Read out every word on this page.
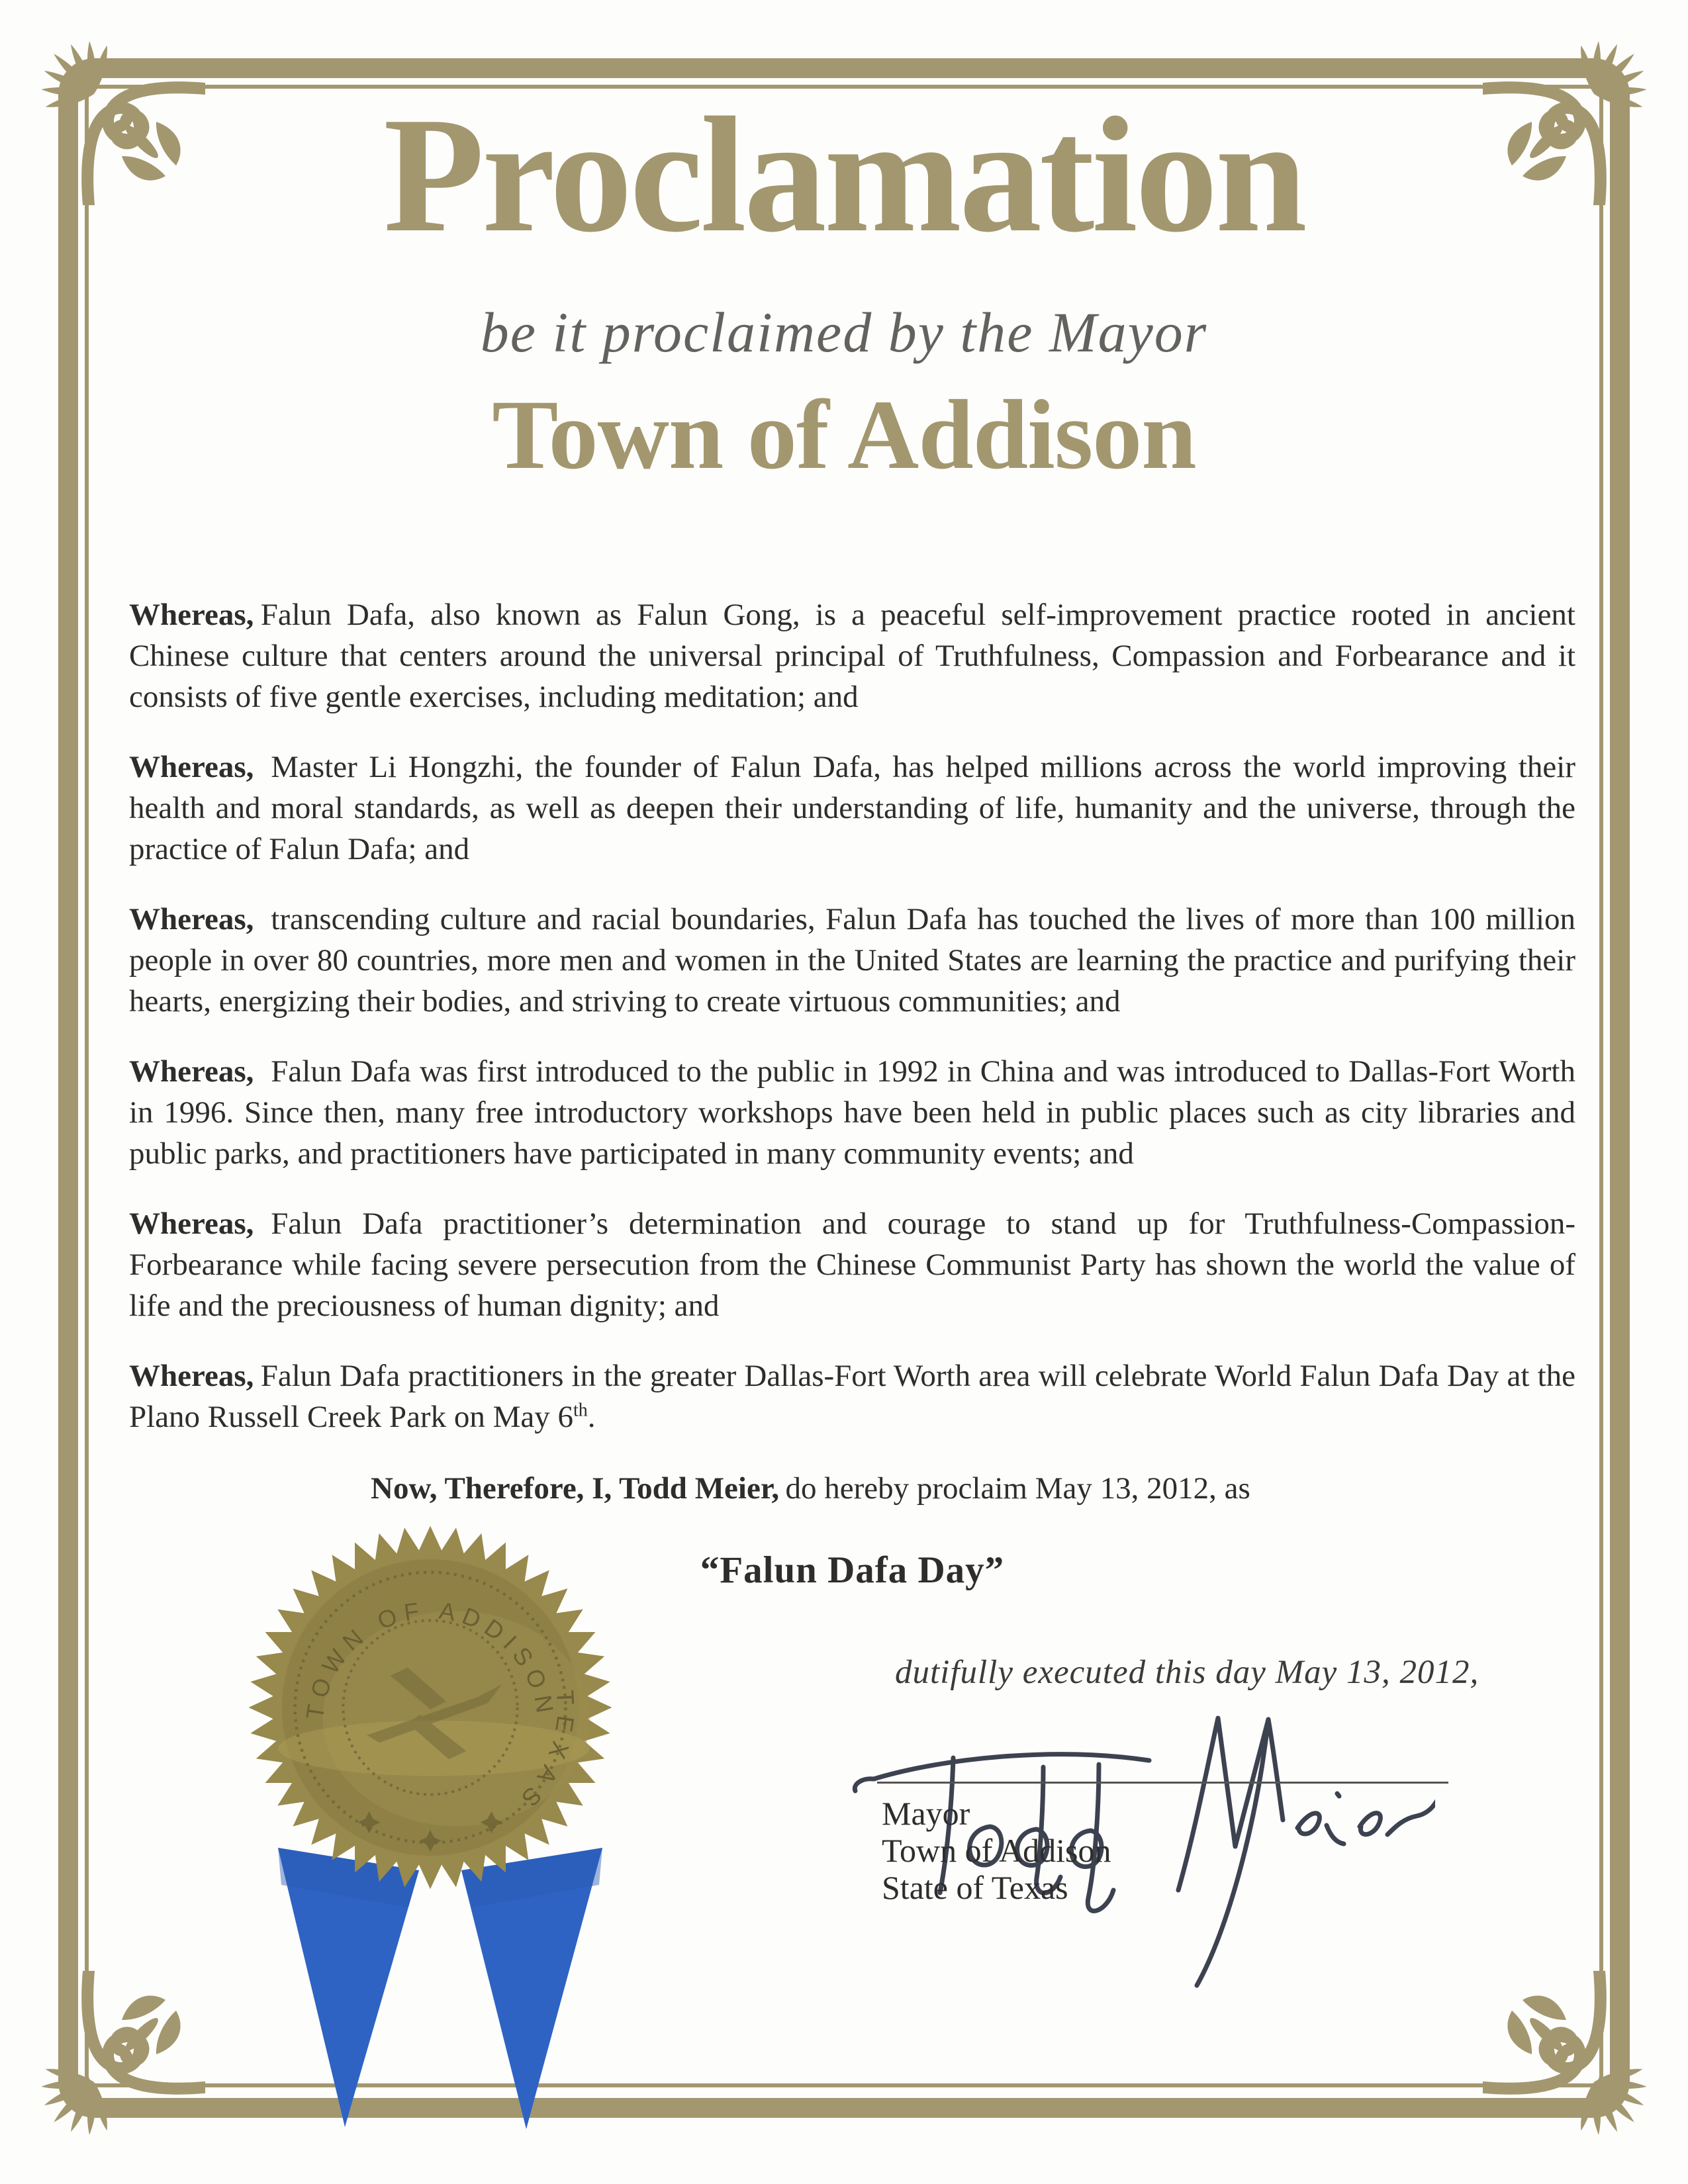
Proclamation
be it proclaimed by the Mayor
Town of Addison

Whereas, Falun Dafa, also known as Falun Gong, is a peaceful self-improvement practice rooted in ancient Chinese culture that centers around the universal principal of Truthfulness, Compassion and Forbearance and it consists of five gentle exercises, including meditation; and

Whereas, Master Li Hongzhi, the founder of Falun Dafa, has helped millions across the world improving their health and moral standards, as well as deepen their understanding of life, humanity and the universe, through the practice of Falun Dafa; and

Whereas, transcending culture and racial boundaries, Falun Dafa has touched the lives of more than 100 million people in over 80 countries, more men and women in the United States are learning the practice and purifying their hearts, energizing their bodies, and striving to create virtuous communities; and

Whereas, Falun Dafa was first introduced to the public in 1992 in China and was introduced to Dallas-Fort Worth in 1996. Since then, many free introductory workshops have been held in public places such as city libraries and public parks, and practitioners have participated in many community events; and

Whereas, Falun Dafa practitioner’s determination and courage to stand up for Truthfulness-Compassion-Forbearance while facing severe persecution from the Chinese Communist Party has shown the world the value of life and the preciousness of human dignity; and

Whereas, Falun Dafa practitioners in the greater Dallas-Fort Worth area will celebrate World Falun Dafa Day at the Plano Russell Creek Park on May 6th.

Now, Therefore, I, Todd Meier, do hereby proclaim May 13, 2012, as

“Falun Dafa Day”
dutifully executed this day May 13, 2012,
Mayor
Town of Addison
State of Texas
TOWN OF ADDISON
TEXAS
